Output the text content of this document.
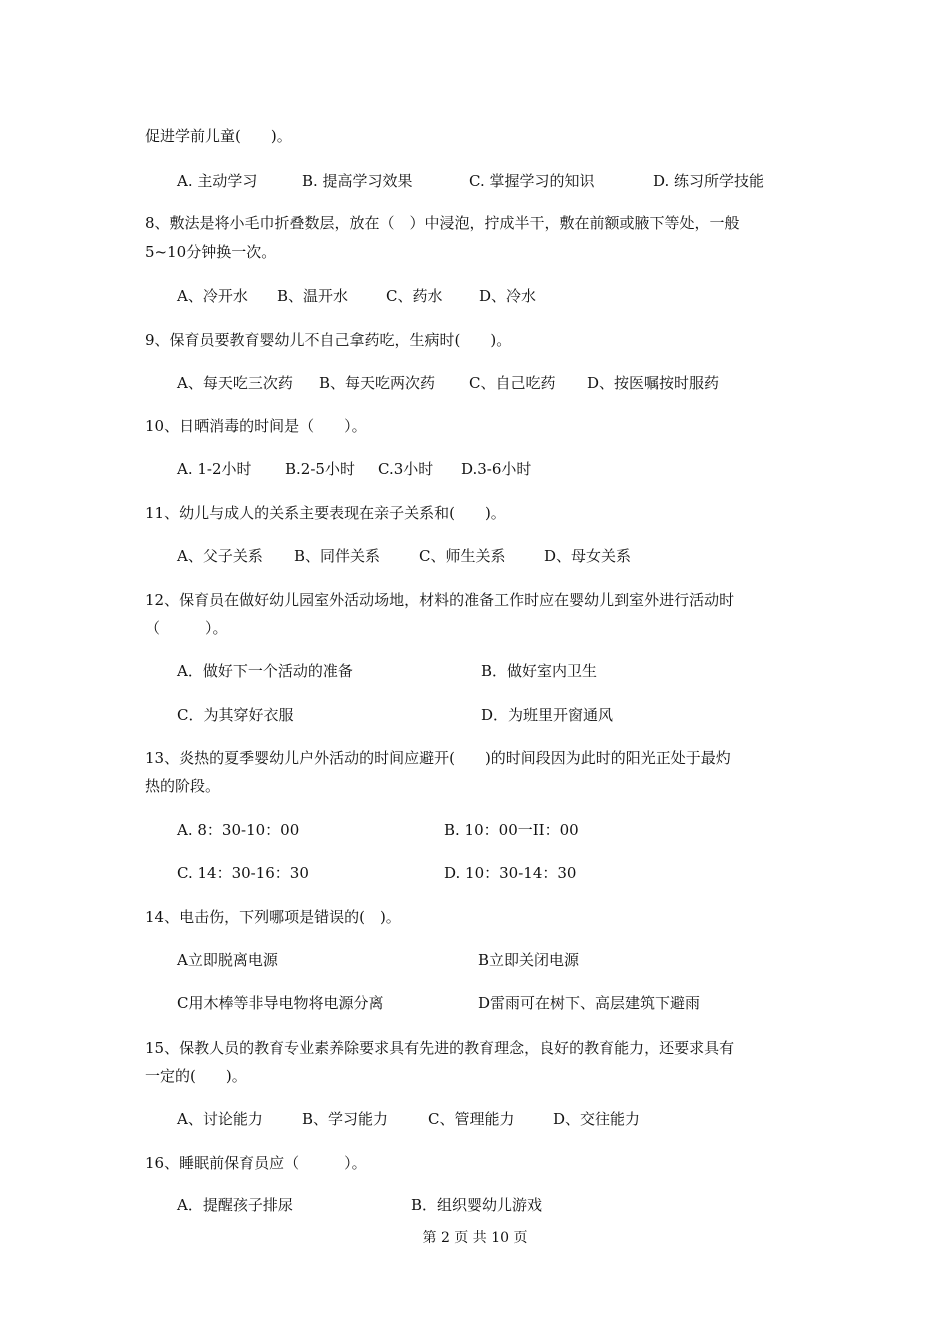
促进学前儿童(　　)。
A. 主动学习	B. 提高学习效果	C. 掌握学习的知识	D. 练习所学技能
8、敷法是将小毛巾折叠数层，放在（　）中浸泡，拧成半干，敷在前额或腋下等处，一般
5~10分钟换一次。
A、冷开水 B、温开水	C、药水 D、冷水
9、保育员要教育婴幼儿不自己拿药吃，生病时(　　)。
A、每天吃三次药 B、每天吃两次药 C、自己吃药 D、按医嘱按时服药
10、日晒消毒的时间是（　　）。
A. 1-2小时 B.2-5小时 C.3小时 D.3-6小时
11、幼儿与成人的关系主要表现在亲子关系和(　　)。
A、父子关系 B、同伴关系	C、师生关系	D、母女关系
12、保育员在做好幼儿园室外活动场地，材料的准备工作时应在婴幼儿到室外进行活动时
（　　　）。
A．做好下一个活动的准备	B．做好室内卫生
C．为其穿好衣服	D．为班里开窗通风
13、炎热的夏季婴幼儿户外活动的时间应避开(　　)的时间段因为此时的阳光正处于最灼
热的阶段。
A. 8：30-10：00	B. 10：00一II：00
C. 14：30-16：30	D. 10：30-14：30
14、电击伤，下列哪项是错误的(　)。
A立即脱离电源	B立即关闭电源
C用木棒等非导电物将电源分离	D雷雨可在树下、高层建筑下避雨
15、保教人员的教育专业素养除要求具有先进的教育理念，良好的教育能力，还要求具有
一定的(　　)。
A、讨论能力	B、学习能力	C、管理能力	D、交往能力
16、睡眠前保育员应（　　　）。
A．提醒孩子排尿	B．组织婴幼儿游戏
第 2 页 共 10 页
